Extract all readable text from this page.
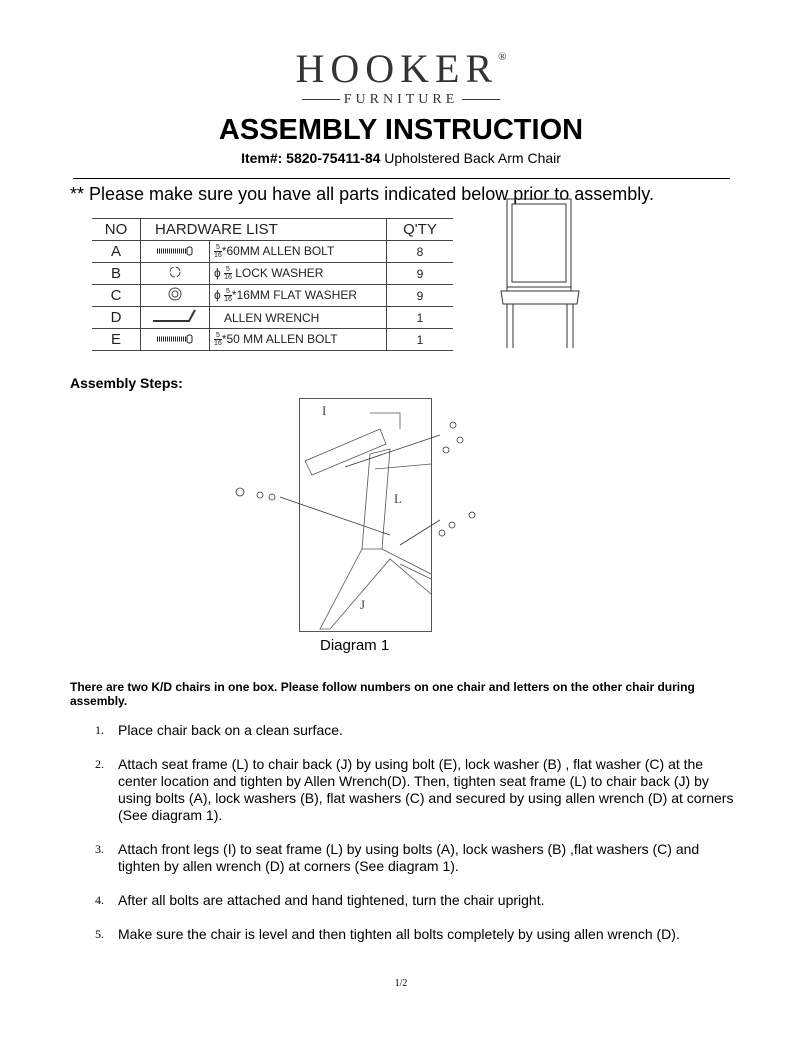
HOOKER®
FURNITURE
ASSEMBLY INSTRUCTION
Item#: 5820-75411-84 Upholstered Back Arm Chair
** Please make sure you have all parts indicated below prior to assembly.
NO	HARDWARE LIST		Q'TY
A		$\frac{5}{16} *60MM$ ALLEN BOLT	8
B		ϕ $\frac{5}{16}$ LOCK WASHER	9
C		ϕ $\frac{5}{16} *16MM$ FLAT WASHER	9
D		ALLEN WRENCH	1
E		$\frac{5}{16} *50$ MM ALLEN BOLT	1
Assembly Steps:
I
L
J
Diagram 1
There are two K/D chairs in one box. Please follow numbers on one chair and letters on the other chair during assembly.
1. Place chair back on a clean surface.
2. Attach seat frame (L) to chair back (J) by using bolt (E), lock washer (B) , flat washer (C) at the center location and tighten by Allen Wrench(D). Then, tighten seat frame (L) to chair back (J) by using bolts (A), lock washers (B), flat washers (C) and secured by using allen wrench (D) at corners (See diagram 1).
3. Attach front legs (I) to seat frame (L) by using bolts (A), lock washers (B) ,flat washers (C) and tighten by allen wrench (D) at corners (See diagram 1).
4. After all bolts are attached and hand tightened, turn the chair upright.
5. Make sure the chair is level and then tighten all bolts completely by using allen wrench (D).
1/2
